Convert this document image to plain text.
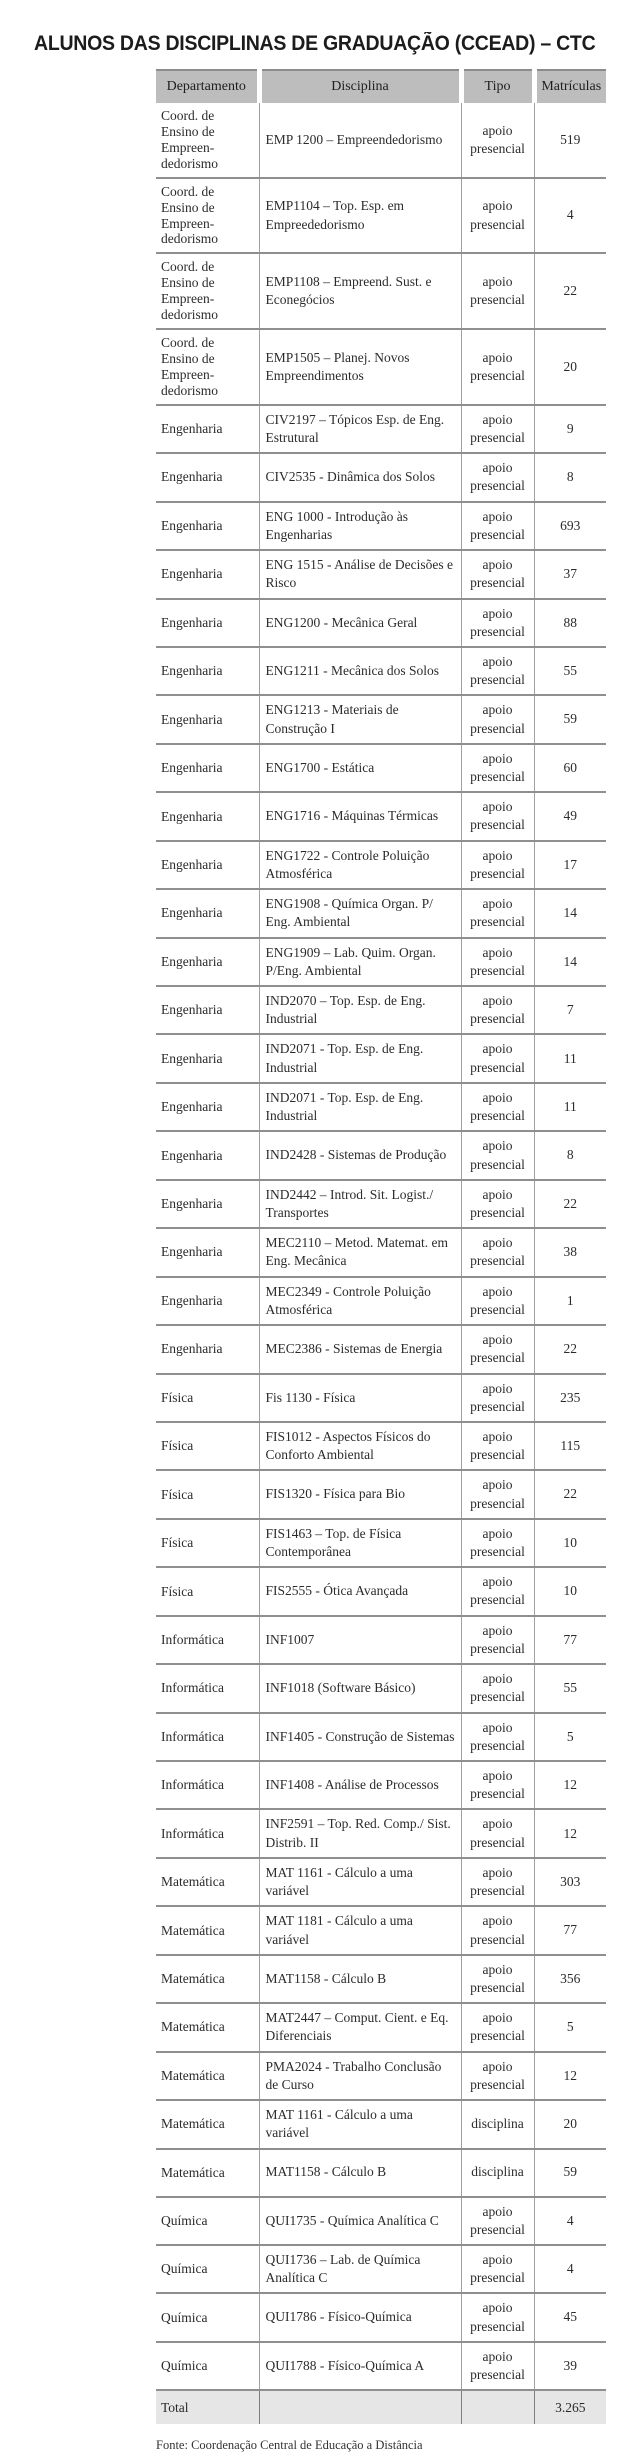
ALUNOS DAS DISCIPLINAS DE GRADUAÇÃO (CCEAD) – CTC
Departamento	Disciplina	Tipo	Matrículas
Coord. de Ensino de Empreen-dedorismo	EMP 1200 – Empreendedorismo	apoio presencial	519
Coord. de Ensino de Empreen-dedorismo	EMP1104 – Top. Esp. em Empreededorismo	apoio presencial	4
Coord. de Ensino de Empreen-dedorismo	EMP1108 – Empreend. Sust. e Econegócios	apoio presencial	22
Coord. de Ensino de Empreen-dedorismo	EMP1505 – Planej. Novos Empreendimentos	apoio presencial	20
Engenharia	CIV2197 – Tópicos Esp. de Eng. Estrutural	apoio presencial	9
Engenharia	CIV2535 - Dinâmica dos Solos	apoio presencial	8
Engenharia	ENG 1000 - Introdução às Engenharias	apoio presencial	693
Engenharia	ENG 1515 - Análise de Decisões e Risco	apoio presencial	37
Engenharia	ENG1200 - Mecânica Geral	apoio presencial	88
Engenharia	ENG1211 - Mecânica dos Solos	apoio presencial	55
Engenharia	ENG1213 - Materiais de Construção I	apoio presencial	59
Engenharia	ENG1700 - Estática	apoio presencial	60
Engenharia	ENG1716 - Máquinas Térmicas	apoio presencial	49
Engenharia	ENG1722 - Controle Poluição Atmosférica	apoio presencial	17
Engenharia	ENG1908 - Química Organ. P/ Eng. Ambiental	apoio presencial	14
Engenharia	ENG1909 – Lab. Quim. Organ. P/Eng. Ambiental	apoio presencial	14
Engenharia	IND2070 – Top. Esp. de Eng. Industrial	apoio presencial	7
Engenharia	IND2071 - Top. Esp. de Eng. Industrial	apoio presencial	11
Engenharia	IND2071 - Top. Esp. de Eng. Industrial	apoio presencial	11
Engenharia	IND2428 - Sistemas de Produção	apoio presencial	8
Engenharia	IND2442 – Introd. Sit. Logist./ Transportes	apoio presencial	22
Engenharia	MEC2110 – Metod. Matemat. em Eng. Mecânica	apoio presencial	38
Engenharia	MEC2349 - Controle Poluição Atmosférica	apoio presencial	1
Engenharia	MEC2386 - Sistemas de Energia	apoio presencial	22
Física	Fis 1130 - Física	apoio presencial	235
Física	FIS1012 - Aspectos Físicos do Conforto Ambiental	apoio presencial	115
Física	FIS1320 - Física para Bio	apoio presencial	22
Física	FIS1463 – Top. de Física Contemporânea	apoio presencial	10
Física	FIS2555 - Ótica Avançada	apoio presencial	10
Informática	INF1007	apoio presencial	77
Informática	INF1018 (Software Básico)	apoio presencial	55
Informática	INF1405 - Construção de Sistemas	apoio presencial	5
Informática	INF1408 - Análise de Processos	apoio presencial	12
Informática	INF2591 – Top. Red. Comp./ Sist. Distrib. II	apoio presencial	12
Matemática	MAT 1161 - Cálculo a uma variável	apoio presencial	303
Matemática	MAT 1181 - Cálculo a uma variável	apoio presencial	77
Matemática	MAT1158 - Cálculo B	apoio presencial	356
Matemática	MAT2447 – Comput. Cient. e Eq. Diferenciais	apoio presencial	5
Matemática	PMA2024 - Trabalho Conclusão de Curso	apoio presencial	12
Matemática	MAT 1161 - Cálculo a uma variável	disciplina	20
Matemática	MAT1158 - Cálculo B	disciplina	59
Química	QUI1735 - Química Analítica C	apoio presencial	4
Química	QUI1736 – Lab. de Química Analítica C	apoio presencial	4
Química	QUI1786 - Físico-Química	apoio presencial	45
Química	QUI1788 - Físico-Química A	apoio presencial	39
Total			3.265

Fonte: Coordenação Central de Educação a Distância
